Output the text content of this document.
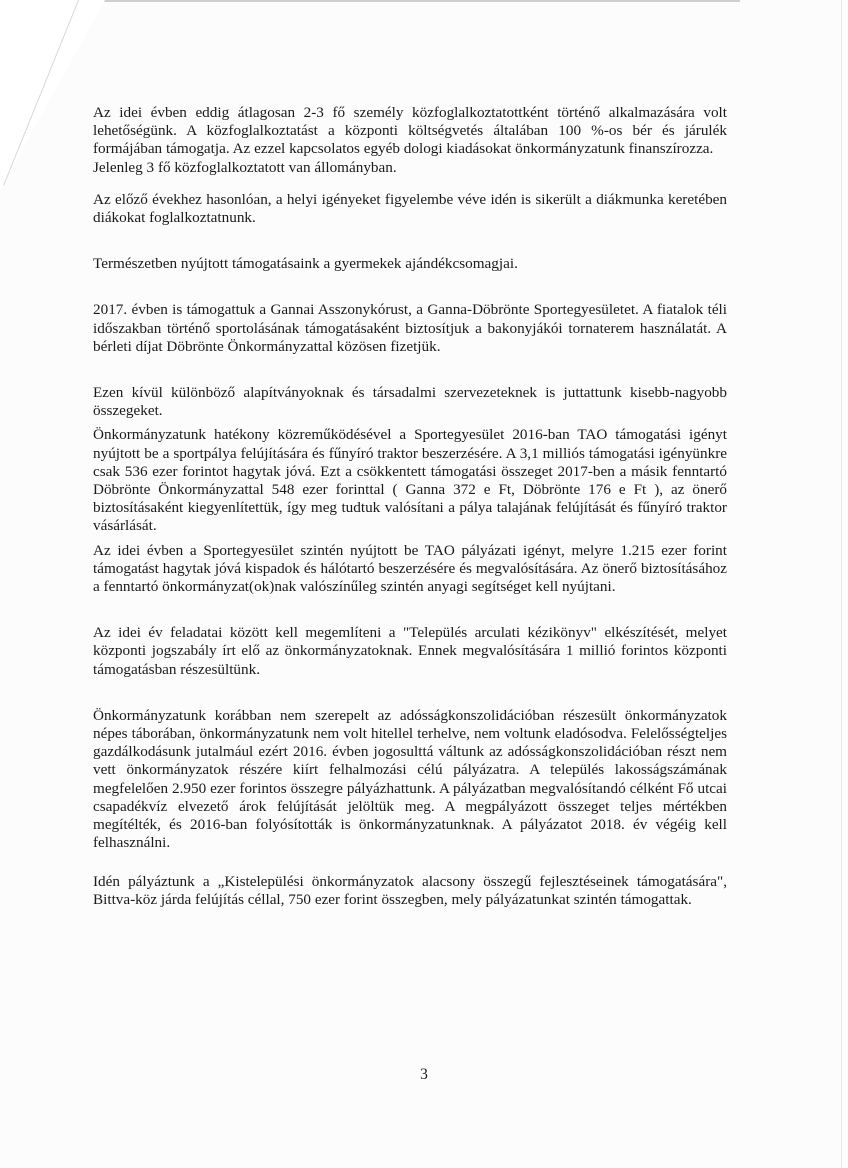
Az idei évben eddig átlagosan 2-3 fő személy közfoglalkoztatottként történő alkalmazására volt lehetőségünk. A közfoglalkoztatást a központi költségvetés általában 100 %-os bér és járulék formájában támogatja. Az ezzel kapcsolatos egyéb dologi kiadásokat önkormányzatunk finanszírozza.

Jelenleg 3 fő közfoglalkoztatott van állományban.

Az előző évekhez hasonlóan, a helyi igényeket figyelembe véve idén is sikerült a diákmunka keretében diákokat foglalkoztatnunk.

Természetben nyújtott támogatásaink a gyermekek ajándékcsomagjai.

2017. évben is támogattuk a Gannai Asszonykórust, a Ganna-Döbrönte Sportegyesületet. A fiatalok téli időszakban történő sportolásának támogatásaként biztosítjuk a bakonyjákói tornaterem használatát. A bérleti díjat Döbrönte Önkormányzattal közösen fizetjük.

Ezen kívül különböző alapítványoknak és társadalmi szervezeteknek is juttattunk kisebb-nagyobb összegeket.

Önkormányzatunk hatékony közreműködésével a Sportegyesület 2016-ban TAO támogatási igényt nyújtott be a sportpálya felújítására és fűnyíró traktor beszerzésére. A 3,1 milliós támogatási igényünkre csak 536 ezer forintot hagytak jóvá. Ezt a csökkentett támogatási összeget 2017-ben a másik fenntartó Döbrönte Önkormányzattal 548 ezer forinttal ( Ganna 372 e Ft, Döbrönte 176 e Ft ), az önerő biztosításaként kiegyenlítettük, így meg tudtuk valósítani a pálya talajának felújítását és fűnyíró traktor vásárlását.

Az idei évben a Sportegyesület szintén nyújtott be TAO pályázati igényt, melyre 1.215 ezer forint támogatást hagytak jóvá kispadok és hálótartó beszerzésére és megvalósítására. Az önerő biztosításához a fenntartó önkormányzat(ok)nak valószínűleg szintén anyagi segítséget kell nyújtani.

Az idei év feladatai között kell megemlíteni a "Település arculati kézikönyv" elkészítését, melyet központi jogszabály írt elő az önkormányzatoknak. Ennek megvalósítására 1 millió forintos központi támogatásban részesültünk.

Önkormányzatunk korábban nem szerepelt az adósságkonszolidációban részesült önkormányzatok népes táborában, önkormányzatunk nem volt hitellel terhelve, nem voltunk eladósodva. Felelősségteljes gazdálkodásunk jutalmául ezért 2016. évben jogosulttá váltunk az adósságkonszolidációban részt nem vett önkormányzatok részére kiírt felhalmozási célú pályázatra. A település lakosságszámának megfelelően 2.950 ezer forintos összegre pályázhattunk. A pályázatban megvalósítandó célként Fő utcai csapadékvíz elvezető árok felújítását jelöltük meg. A megpályázott összeget teljes mértékben megítélték, és 2016-ban folyósították is önkormányzatunknak. A pályázatot 2018. év végéig kell felhasználni.

Idén pályáztunk a „Kistelepülési önkormányzatok alacsony összegű fejlesztéseinek támogatására", Bittva-köz járda felújítás céllal, 750 ezer forint összegben, mely pályázatunkat szintén támogattak.

3
